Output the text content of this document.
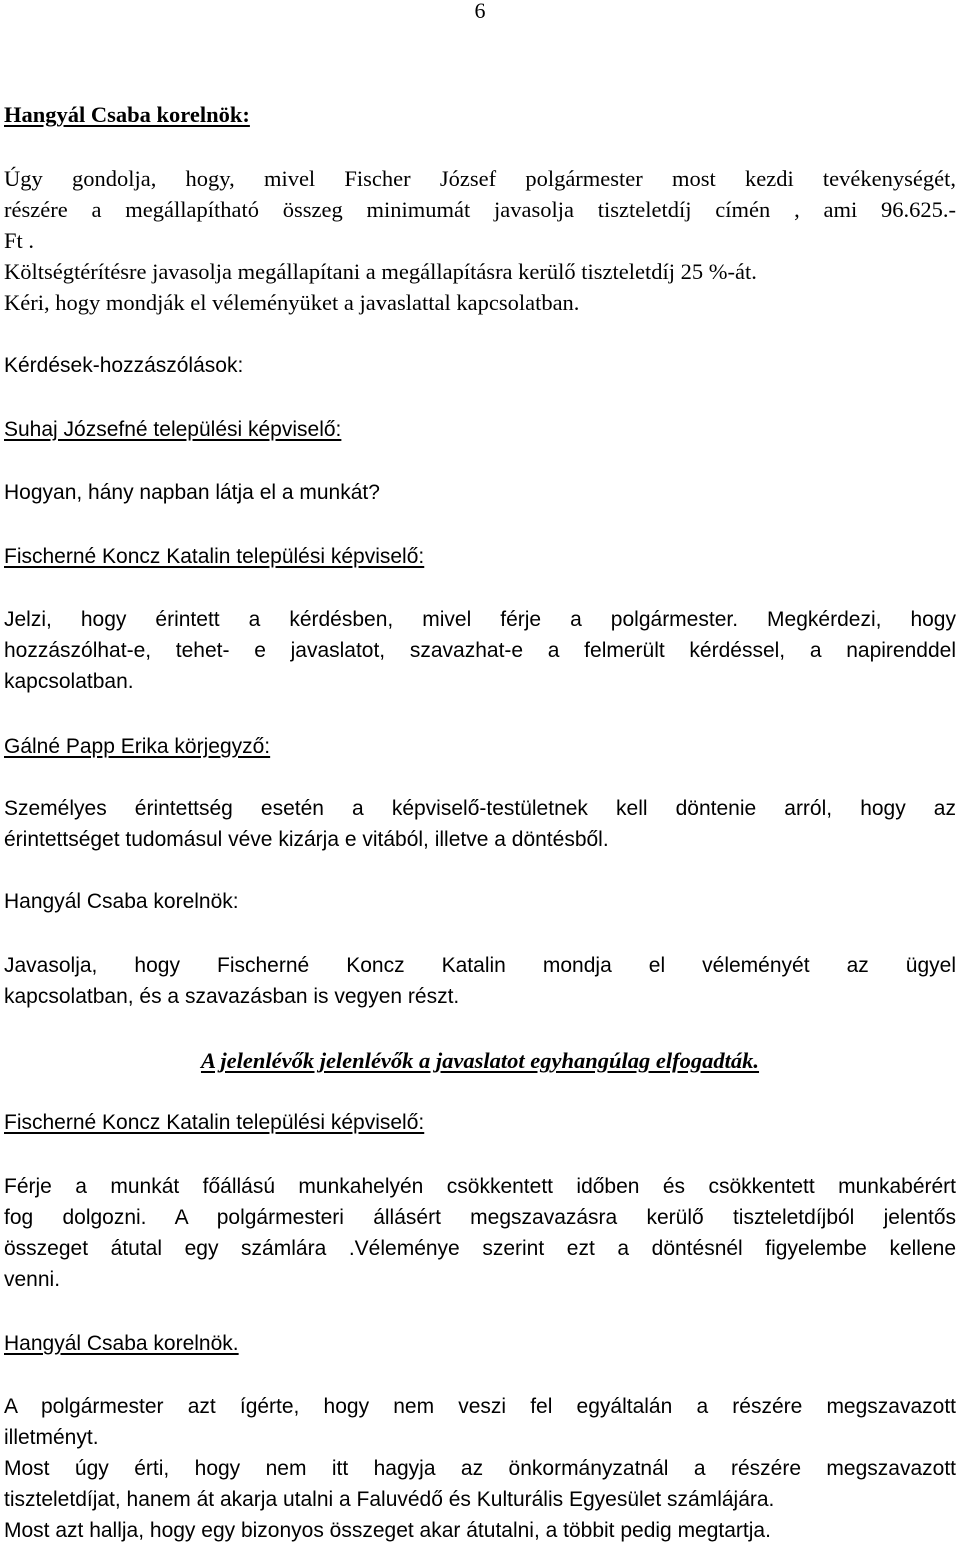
6
Hangyál Csaba korelnök:
Úgy gondolja, hogy, mivel Fischer József polgármester most kezdi tevékenységét,
részére a megállapítható összeg minimumát javasolja tiszteletdíj címén , ami 96.625.-
Ft .
Költségtérítésre javasolja megállapítani a megállapításra kerülő tiszteletdíj 25 %-át.
Kéri, hogy mondják el véleményüket a javaslattal kapcsolatban.
Kérdések-hozzászólások:
Suhaj Józsefné települési képviselő:
Hogyan, hány napban látja el a munkát?
Fischerné Koncz Katalin települési képviselő:
Jelzi, hogy érintett a kérdésben, mivel férje a polgármester. Megkérdezi, hogy
hozzászólhat-e, tehet- e javaslatot, szavazhat-e a felmerült kérdéssel, a napirenddel
kapcsolatban.
Gálné Papp Erika körjegyző:
Személyes érintettség esetén a képviselő-testületnek kell döntenie arról, hogy az
érintettséget tudomásul véve kizárja e vitából, illetve a döntésből.
Hangyál Csaba korelnök:
Javasolja, hogy Fischerné Koncz Katalin mondja el véleményét az ügyel
kapcsolatban, és a szavazásban is vegyen részt.
A jelenlévők jelenlévők a javaslatot egyhangúlag elfogadták.
Fischerné Koncz Katalin települési képviselő:
Férje a munkát főállású munkahelyén csökkentett időben és csökkentett munkabérért
fog dolgozni. A polgármesteri állásért megszavazásra kerülő tiszteletdíjból jelentős
összeget átutal egy számlára .Véleménye szerint ezt a döntésnél figyelembe kellene
venni.
Hangyál Csaba korelnök.
A polgármester azt ígérte, hogy nem veszi fel egyáltalán a részére megszavazott
illetményt.
Most úgy érti, hogy nem itt hagyja az önkormányzatnál a részére megszavazott
tiszteletdíjat, hanem át akarja utalni a Faluvédő és Kulturális Egyesület számlájára.
Most azt hallja, hogy egy bizonyos összeget akar átutalni, a többit pedig megtartja.
